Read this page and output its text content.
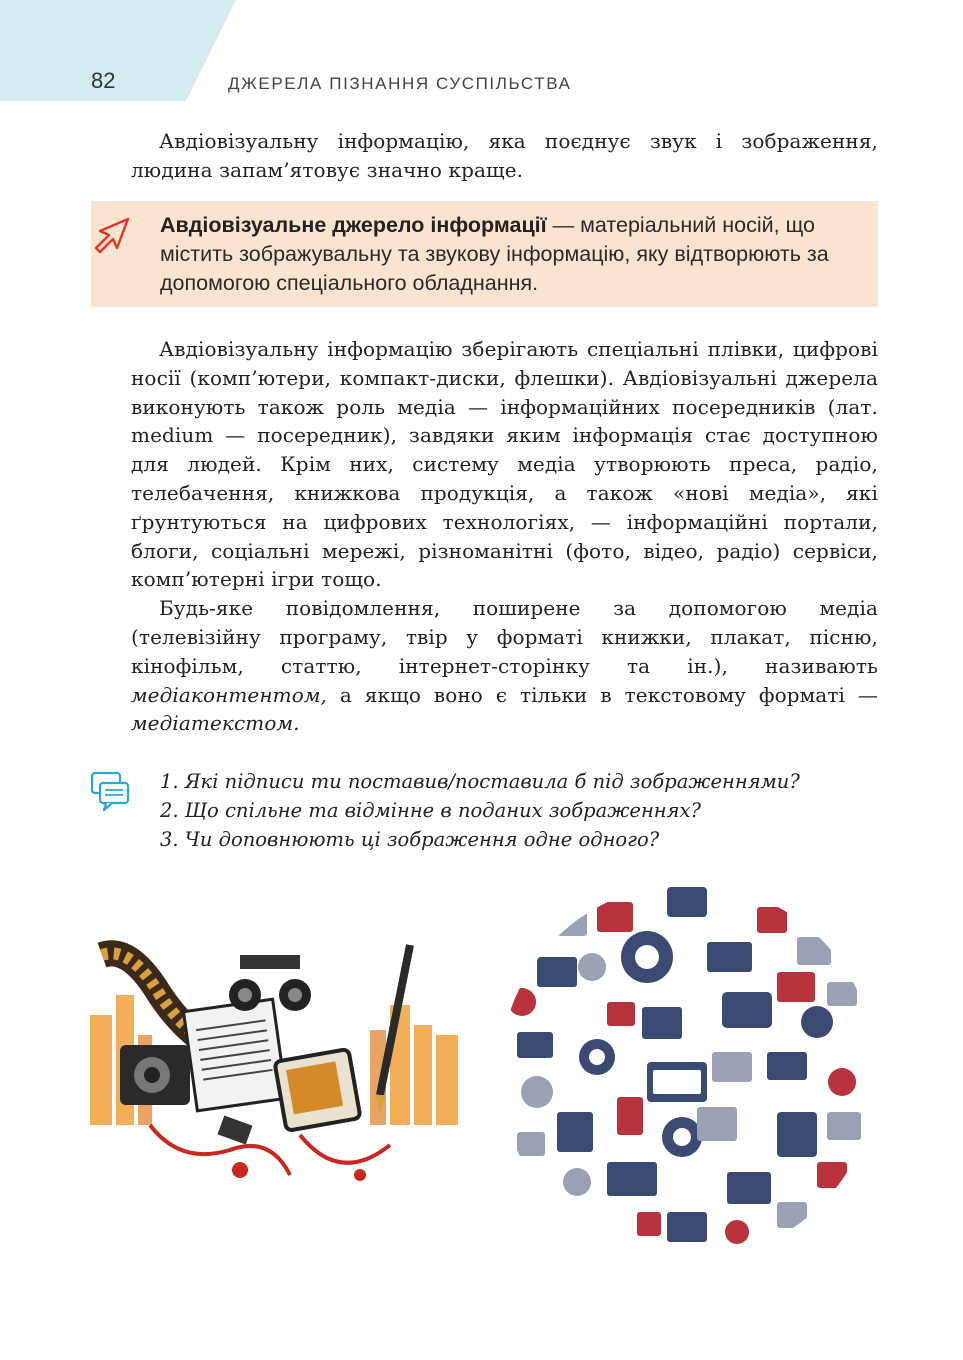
82	ДЖЕРЕЛА ПІЗНАННЯ СУСПІЛЬСТВА

Авдіовізуальну інформацію, яка поєднує звук і зображення, людина запам’ятовує значно краще.

Авдіовізуальне джерело інформації — матеріальний носій, що містить зображувальну та звукову інформацію, яку відтворюють за допомогою спеціального обладнання.

Авдіовізуальну інформацію зберігають спеціальні плівки, цифрові носії (комп’ютери, компакт-диски, флешки). Авдіовізуальні джерела виконують також роль медіа — інформаційних посередників (лат. medium — посередник), завдяки яким інформація стає доступною для людей. Крім них, систему медіа утворюють преса, радіо, телебачення, книжкова продукція, а також «нові медіа», які ґрунтуються на цифрових технологіях, — інформаційні портали, блоги, соціальні мережі, різноманітні (фото, відео, радіо) сервіси, комп’ютерні ігри тощо.

Будь-яке повідомлення, поширене за допомогою медіа (телевізійну програму, твір у форматі книжки, плакат, пісню, кінофільм, статтю, інтернет-сторінку та ін.), називають медіаконтентом, а якщо воно є тільки в текстовому форматі — медіатекстом.

1. Які підписи ти поставив/поставила б під зображеннями?
2. Що спільне та відмінне в поданих зображеннях?
3. Чи доповнюють ці зображення одне одного?
